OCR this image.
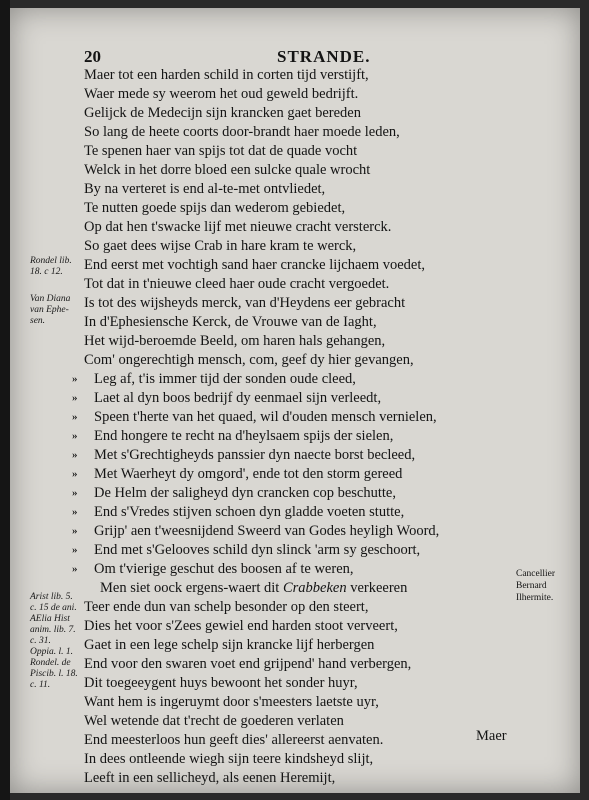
20	STRANDE.
Maer tot een harden schild in corten tijd verstijft,
Waer mede sy weerom het oud geweld bedrijft.
Gelijck de Medecijn sijn krancken gaet bereden
So lang de heete coorts door-brandt haer moede leden,
Te spenen haer van spijs tot dat de quade vocht
Welck in het dorre bloed een sulcke quale wrocht
By na verteret is end al-te-met ontvliedet,
Te nutten goede spijs dan wederom gebiedet,
Op dat hen t'swacke lijf met nieuwe cracht versterck.
So gaet dees wijse Crab in hare kram te werck,
End eerst met vochtigh sand haer crancke lijchaem voedet,
Tot dat in t'nieuwe cleed haer oude cracht vergoedet.
Is tot des wijsheyds merck, van d'Heydens eer gebracht
In d'Ephesiensche Kerck, de Vrouwe van de Iaght,
Het wijd-beroemde Beeld, om haren hals gehangen,
Com' ongerechtigh mensch, com, geef dy hier gevangen,
» Leg af, t'is immer tijd der sonden oude cleed,
» Laet al dyn boos bedrijf dy eenmael sijn verleedt,
» Speen t'herte van het quaed, wil d'ouden mensch vernielen,
» End hongere te recht na d'heylsaem spijs der sielen,
» Met s'Grechtigheyds panssier dyn naecte borst becleed,
» Met Waerheyt dy omgord', ende tot den storm gereed
» De Helm der saligheyd dyn crancken cop beschutte,
» End s'Vredes stijven schoen dyn gladde voeten stutte,
» Grijp' aen t'weesnijdend Sweerd van Godes heyligh Woord,
» End met s'Gelooves schild dyn slinck 'arm sy geschoort,
» Om t'vierige geschut des boosen af te weren,
Men siet oock ergens-waert dit Crabbeken verkeeren
Teer ende dun van schelp besonder op den steert,
Dies het voor s'Zees gewiel end harden stoot verveert,
Gaet in een lege schelp sijn krancke lijf herbergen
End voor den swaren voet end grijpend' hand verbergen,
Dit toegeeygent huys bewoont het sonder huyr,
Want hem is ingeruymt door s'meesters laetste uyr,
Wel wetende dat t'recht de goederen verlaten
End meesterloos hun geeft dies' allereerst aenvaten.
In dees ontleende wiegh sijn teere kindsheyd slijt,
Leeft in een sellicheyd, als eenen Heremijt,
Rondel lib.
18. c 12.
Van Diana
van Ephe-
sen.
Arist lib. 5.
c. 15 de ani.
AElia Hist
anim. lib. 7.
c. 31.
Oppia. l. 1.
Rondel. de
Piscib. l. 18.
c. 11.
Cancellier
Bernard
Ilhermite.
Maer
